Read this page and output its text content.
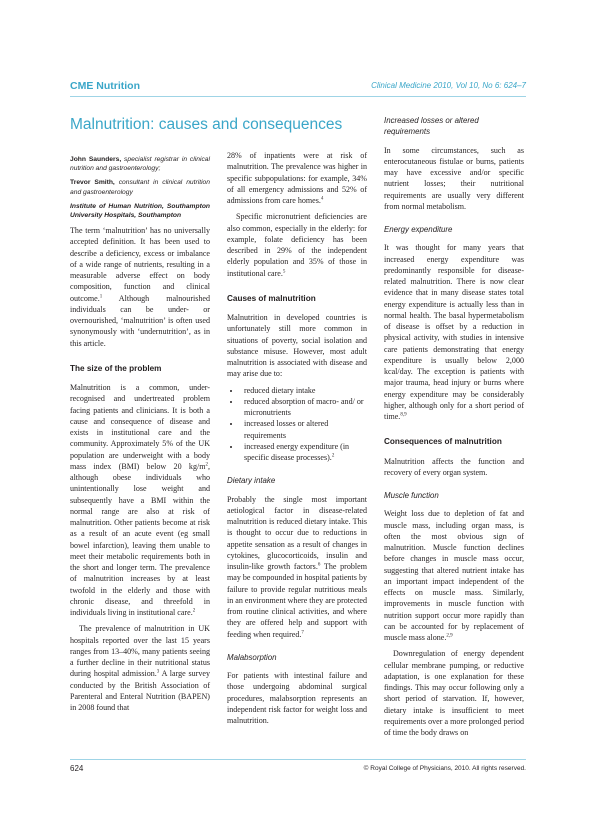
CME Nutrition	Clinical Medicine 2010, Vol 10, No 6: 624–7
Malnutrition: causes and consequences

John Saunders, specialist registrar in clinical nutrition and gastroenterology;

Trevor Smith, consultant in clinical nutrition and gastroenterology

Institute of Human Nutrition, Southampton University Hospitals, Southampton

The term ‘malnutrition’ has no universally accepted definition. It has been used to describe a deficiency, excess or imbalance of a wide range of nutrients, resulting in a measurable adverse effect on body composition, function and clinical outcome.$^1$ Although malnourished individuals can be under- or overnourished, ‘malnutrition’ is often used synonymously with ‘undernutrition’, as in this article.

The size of the problem

Malnutrition is a common, under-recognised and undertreated problem facing patients and clinicians. It is both a cause and consequence of disease and exists in institutional care and the community. Approximately 5% of the UK population are underweight with a body mass index (BMI) below 20 $kg/m^2$, although obese individuals who unintentionally lose weight and subsequently have a BMI within the normal range are also at risk of malnutrition. Other patients become at risk as a result of an acute event (eg small bowel infarction), leaving them unable to meet their metabolic requirements both in the short and longer term. The prevalence of malnutrition increases by at least twofold in the elderly and those with chronic disease, and threefold in individuals living in institutional care.$^2$

The prevalence of malnutrition in UK hospitals reported over the last 15 years ranges from 13–40%, many patients seeing a further decline in their nutritional status during hospital admission.$^3$ A large survey conducted by the British Association of Parenteral and Enteral Nutrition (BAPEN) in 2008 found that

28% of inpatients were at risk of malnutrition. The prevalence was higher in specific subpopulations: for example, 34% of all emergency admissions and 52% of admissions from care homes.$^4$

Specific micronutrient deficiencies are also common, especially in the elderly: for example, folate deficiency has been described in 29% of the independent elderly population and 35% of those in institutional care.$^5$

Causes of malnutrition

Malnutrition in developed countries is unfortunately still more common in situations of poverty, social isolation and substance misuse. However, most adult malnutrition is associated with disease and may arise due to:

• reduced dietary intake
• reduced absorption of macro- and/ or micronutrients
• increased losses or altered requirements
• increased energy expenditure (in specific disease processes).$^2$
Dietary intake

Probably the single most important aetiological factor in disease-related malnutrition is reduced dietary intake. This is thought to occur due to reductions in appetite sensation as a result of changes in cytokines, glucocorticoids, insulin and insulin-like growth factors.$^6$ The problem may be compounded in hospital patients by failure to provide regular nutritious meals in an environment where they are protected from routine clinical activities, and where they are offered help and support with feeding when required.$^7$

Malabsorption

For patients with intestinal failure and those undergoing abdominal surgical procedures, malabsorption represents an independent risk factor for weight loss and malnutrition.

Increased losses or altered requirements

In some circumstances, such as enterocutaneous fistulae or burns, patients may have excessive and/or specific nutrient losses; their nutritional requirements are usually very different from normal metabolism.

Energy expenditure

It was thought for many years that increased energy expenditure was predominantly responsible for disease-related malnutrition. There is now clear evidence that in many disease states total energy expenditure is actually less than in normal health. The basal hypermetabolism of disease is offset by a reduction in physical activity, with studies in intensive care patients demonstrating that energy expenditure is usually below 2,000 kcal/day. The exception is patients with major trauma, head injury or burns where energy expenditure may be considerably higher, although only for a short period of time.$^{8,9}$

Consequences of malnutrition

Malnutrition affects the function and recovery of every organ system.

Muscle function

Weight loss due to depletion of fat and muscle mass, including organ mass, is often the most obvious sign of malnutrition. Muscle function declines before changes in muscle mass occur, suggesting that altered nutrient intake has an important impact independent of the effects on muscle mass. Similarly, improvements in muscle function with nutrition support occur more rapidly than can be accounted for by replacement of muscle mass alone.$^{2,9}$

Downregulation of energy dependent cellular membrane pumping, or reductive adaptation, is one explanation for these findings. This may occur following only a short period of starvation. If, however, dietary intake is insufficient to meet requirements over a more prolonged period of time the body draws on

624	© Royal College of Physicians, 2010. All rights reserved.
